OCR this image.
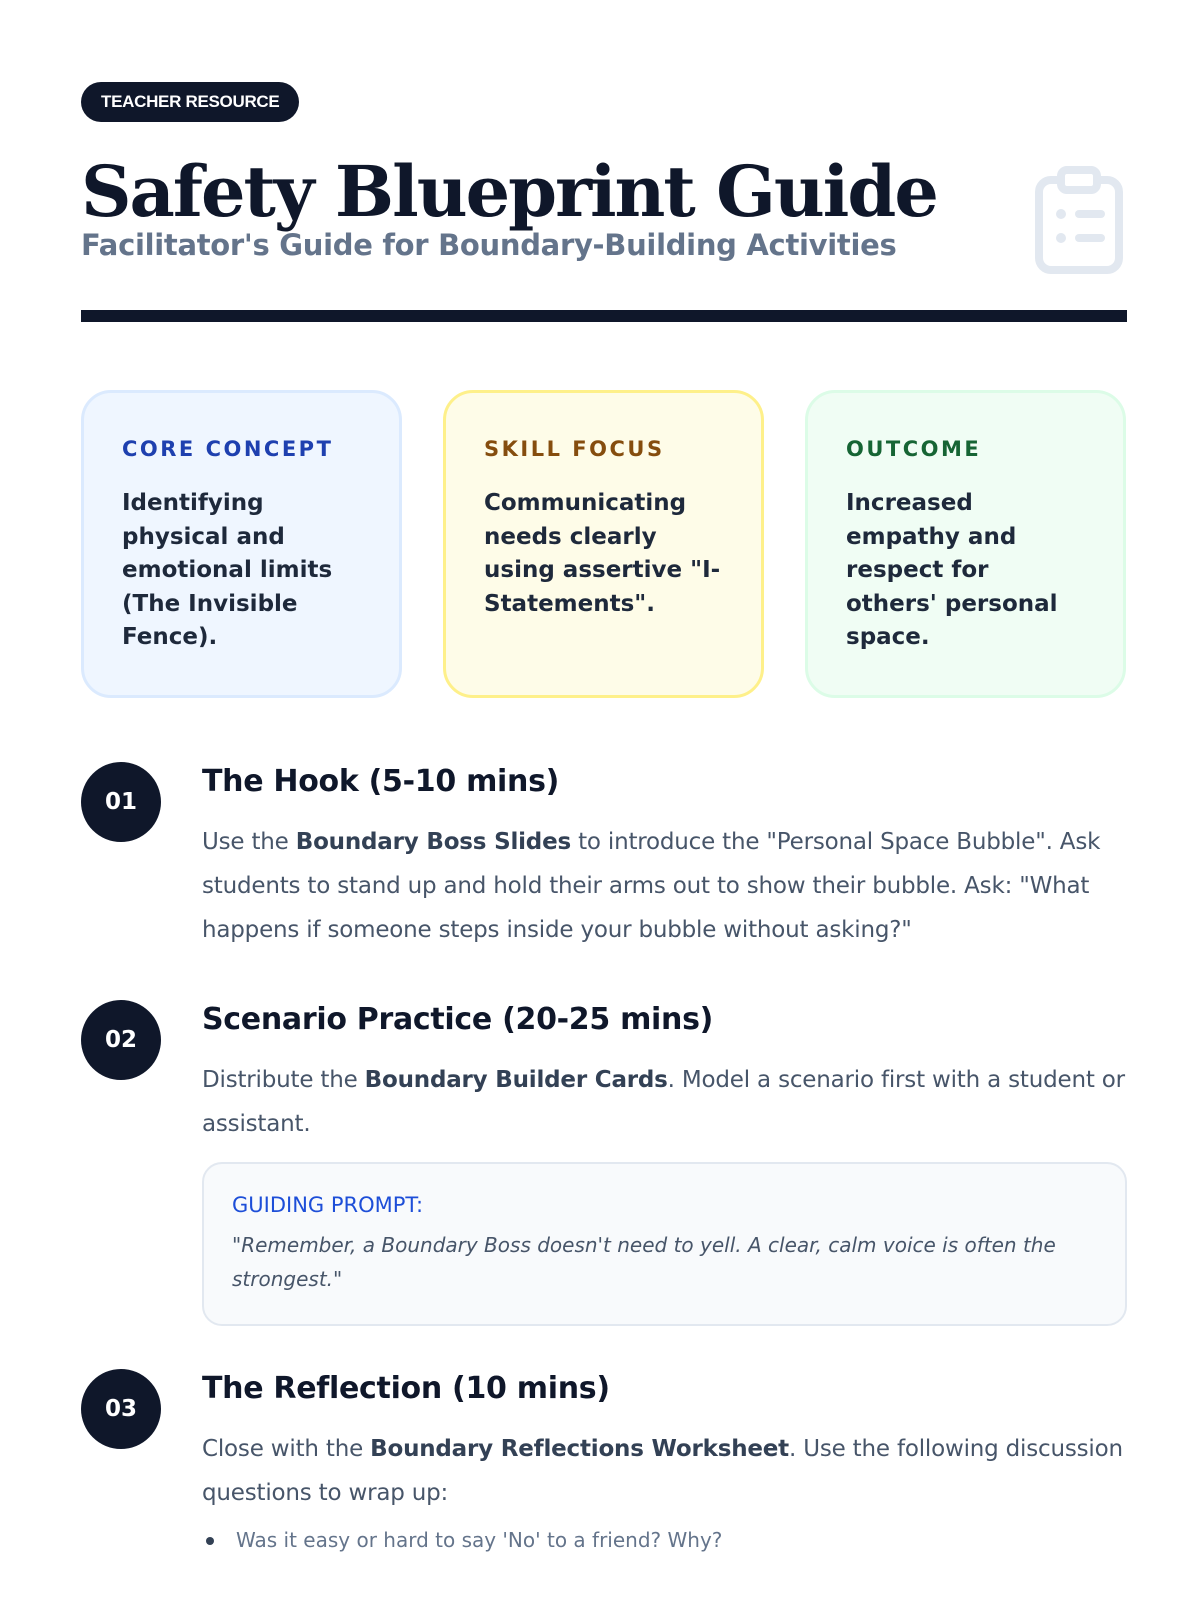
TEACHER RESOURCE
Safety Blueprint Guide
Facilitator's Guide for Boundary-Building Activities
CORE CONCEPT
Identifying physical and emotional limits (The Invisible Fence).
SKILL FOCUS
Communicating needs clearly using assertive "I-Statements".
OUTCOME
Increased empathy and respect for others' personal space.
01
The Hook (5-10 mins)

Use the Boundary Boss Slides to introduce the "Personal Space Bubble". Ask students to stand up and hold their arms out to show their bubble. Ask: "What happens if someone steps inside your bubble without asking?"

02
Scenario Practice (20-25 mins)

Distribute the Boundary Builder Cards. Model a scenario first with a student or assistant.

GUIDING PROMPT:
"Remember, a Boundary Boss doesn't need to yell. A clear, calm voice is often the strongest."
03
The Reflection (10 mins)

Close with the Boundary Reflections Worksheet. Use the following discussion questions to wrap up:

Was it easy or hard to say 'No' to a friend? Why?
